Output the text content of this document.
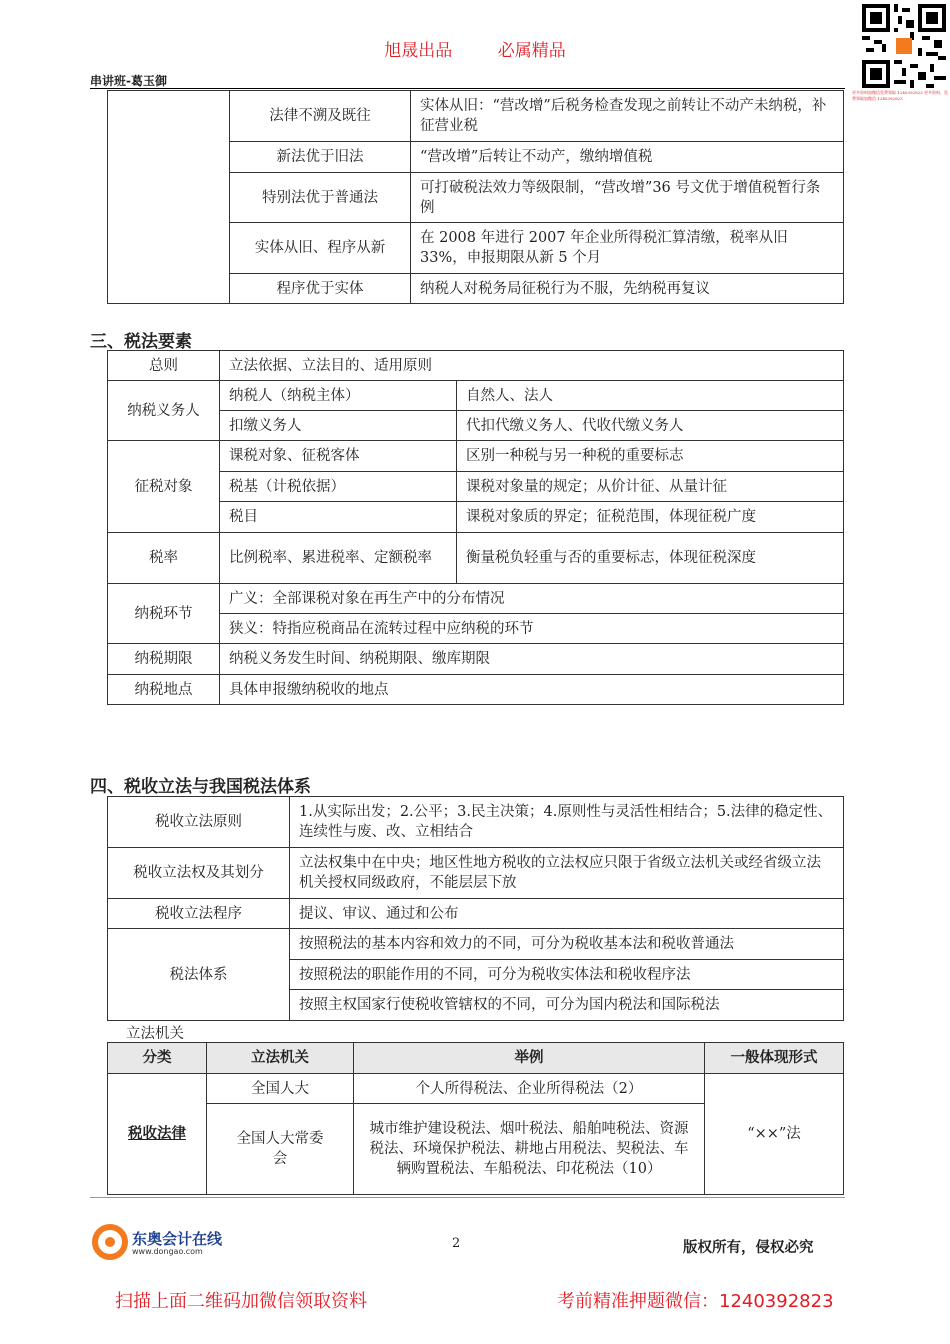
旭晟出品	必属精品
串讲班-葛玉御
更多资料加微信免费领取 1240392823 更多资料，免费领取加微信 1240392823
	法律不溯及既往	实体从旧：“营改增”后税务检查发现之前转让不动产未纳税，补征营业税
	新法优于旧法	“营改增”后转让不动产，缴纳增值税
	特别法优于普通法	可打破税法效力等级限制，“营改增”36 号文优于增值税暂行条例
	实体从旧、程序从新	在 2008 年进行 2007 年企业所得税汇算清缴，税率从旧 33%，申报期限从新 5 个月
	程序优于实体	纳税人对税务局征税行为不服，先纳税再复议
三、税法要素
总则	立法依据、立法目的、适用原则	
纳税义务人	纳税人（纳税主体）	自然人、法人
	扣缴义务人	代扣代缴义务人、代收代缴义务人
征税对象	课税对象、征税客体	区别一种税与另一种税的重要标志
	税基（计税依据）	课税对象量的规定；从价计征、从量计征
	税目	课税对象质的界定；征税范围，体现征税广度
税率	比例税率、累进税率、定额税率	衡量税负轻重与否的重要标志，体现征税深度
纳税环节	广义：全部课税对象在再生产中的分布情况	
	狭义：特指应税商品在流转过程中应纳税的环节	
纳税期限	纳税义务发生时间、纳税期限、缴库期限	
纳税地点	具体申报缴纳税收的地点	
四、税收立法与我国税法体系
税收立法原则	1.从实际出发；2.公平；3.民主决策；4.原则性与灵活性相结合；5.法律的稳定性、连续性与废、改、立相结合
税收立法权及其划分	立法权集中在中央；地区性地方税收的立法权应只限于省级立法机关或经省级立法机关授权同级政府，不能层层下放
税收立法程序	提议、审议、通过和公布
税法体系	按照税法的基本内容和效力的不同，可分为税收基本法和税收普通法
	按照税法的职能作用的不同，可分为税收实体法和税收程序法
	按照主权国家行使税收管辖权的不同，可分为国内税法和国际税法
立法机关
分类	立法机关	举例	一般体现形式
税收法律	全国人大	个人所得税法、企业所得税法（2）	“××”法
	全国人大常委会	城市维护建设税法、烟叶税法、船舶吨税法、资源税法、环境保护税法、耕地占用税法、契税法、车辆购置税法、车船税法、印花税法（10）	
东奥会计在线
www.dongao.com
2	版权所有，侵权必究
扫描上面二维码加微信领取资料	考前精准押题微信：1240392823
